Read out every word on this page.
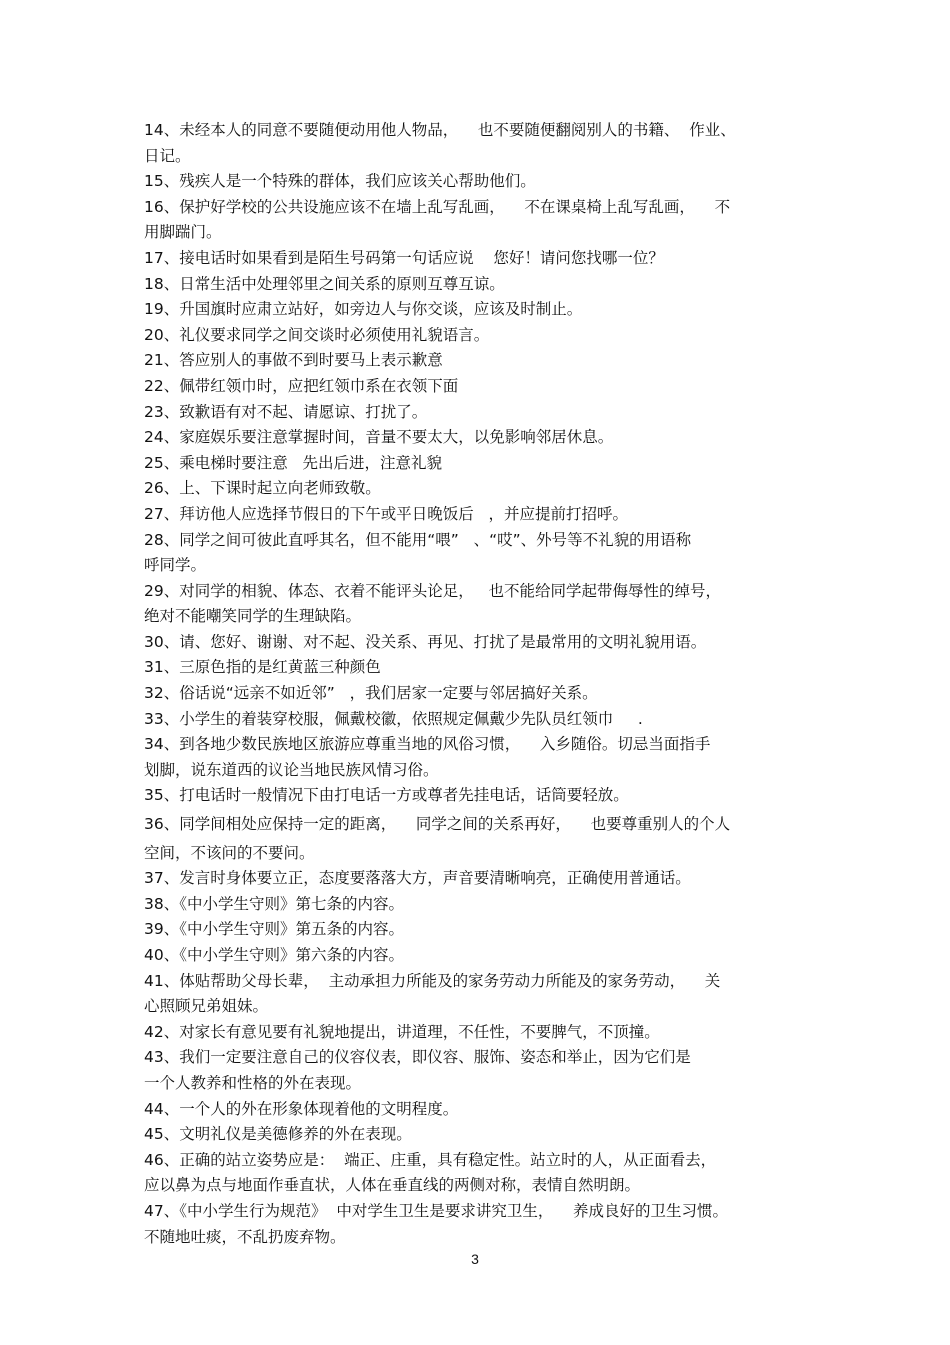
14、未经本人的同意不要随便动用他人物品，    也不要随便翻阅别人的书籍、  作业、
日记。
15、残疾人是一个特殊的群体，我们应该关心帮助他们。
16、保护好学校的公共设施应该不在墙上乱写乱画，    不在课桌椅上乱写乱画，    不
用脚踹门。
17、接电话时如果看到是陌生号码第一句话应说    您好！请问您找哪一位？
18、日常生活中处理邻里之间关系的原则互尊互谅。
19、升国旗时应肃立站好，如旁边人与你交谈，应该及时制止。
20、礼仪要求同学之间交谈时必须使用礼貌语言。
21、答应别人的事做不到时要马上表示歉意
22、佩带红领巾时，应把红领巾系在衣领下面
23、致歉语有对不起、请愿谅、打扰了。
24、家庭娱乐要注意掌握时间，音量不要太大，以免影响邻居休息。
25、乘电梯时要注意   先出后进，注意礼貌
26、上、下课时起立向老师致敬。
27、拜访他人应选择节假日的下午或平日晚饭后   ，并应提前打招呼。
28、同学之间可彼此直呼其名，但不能用“喂”   、“哎”、外号等不礼貌的用语称
呼同学。
29、对同学的相貌、体态、衣着不能评头论足，   也不能给同学起带侮辱性的绰号，
绝对不能嘲笑同学的生理缺陷。
30、请、您好、谢谢、对不起、没关系、再见、打扰了是最常用的文明礼貌用语。
31、三原色指的是红黄蓝三种颜色
32、俗话说“远亲不如近邻”   ，我们居家一定要与邻居搞好关系。
33、小学生的着装穿校服，佩戴校徽，依照规定佩戴少先队员红领巾     .
34、到各地少数民族地区旅游应尊重当地的风俗习惯，    入乡随俗。切忌当面指手
划脚，说东道西的议论当地民族风情习俗。
35、打电话时一般情况下由打电话一方或尊者先挂电话，话筒要轻放。
36、同学间相处应保持一定的距离，    同学之间的关系再好，    也要尊重别人的个人
空间，不该问的不要问。
37、发言时身体要立正，态度要落落大方，声音要清晰响亮，正确使用普通话。
38、《中小学生守则》第七条的内容。
39、《中小学生守则》第五条的内容。
40、《中小学生守则》第六条的内容。
41、体贴帮助父母长辈，  主动承担力所能及的家务劳动力所能及的家务劳动，    关
心照顾兄弟姐妹。
42、对家长有意见要有礼貌地提出，讲道理，不任性，不要脾气，不顶撞。
43、我们一定要注意自己的仪容仪表，即仪容、服饰、姿态和举止，因为它们是
一个人教养和性格的外在表现。
44、一个人的外在形象体现着他的文明程度。
45、文明礼仪是美德修养的外在表现。
46、正确的站立姿势应是：  端正、庄重，具有稳定性。站立时的人，从正面看去，
应以鼻为点与地面作垂直状，人体在垂直线的两侧对称，表情自然明朗。
47、《中小学生行为规范》  中对学生卫生是要求讲究卫生，    养成良好的卫生习惯。
不随地吐痰，不乱扔废弃物。
3
